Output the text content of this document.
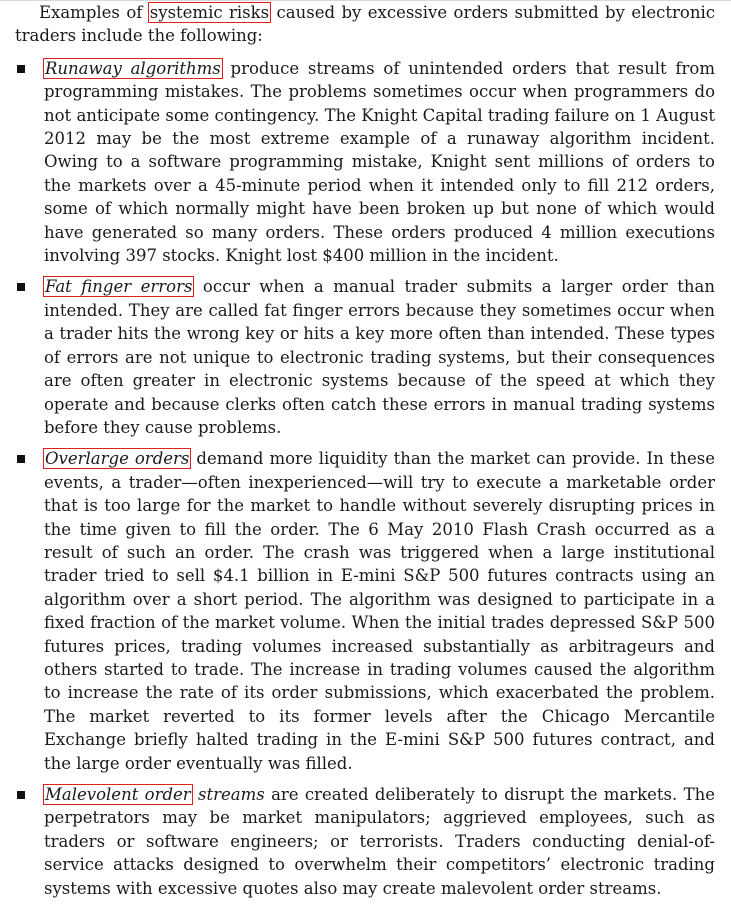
Examples of systemic risks caused by excessive orders submitted by electronic traders include the following:

Runaway algorithms produce streams of unintended orders that result from programming mistakes. The problems sometimes occur when programmers do not anticipate some contingency. The Knight Capital trading failure on 1 August 2012 may be the most extreme example of a runaway algorithm incident. Owing to a software programming mistake, Knight sent millions of orders to the markets over a 45-minute period when it intended only to fill 212 orders, some of which normally might have been broken up but none of which would have generated so many orders. These orders produced 4 million executions involving 397 stocks. Knight lost $400 million in the incident.
Fat finger errors occur when a manual trader submits a larger order than intended. They are called fat finger errors because they sometimes occur when a trader hits the wrong key or hits a key more often than intended. These types of errors are not unique to electronic trading systems, but their consequences are often greater in electronic systems because of the speed at which they operate and because clerks often catch these errors in manual trading systems before they cause problems.
Overlarge orders demand more liquidity than the market can provide. In these events, a trader—often inexperienced—will try to execute a marketable order that is too large for the market to handle without severely disrupting prices in the time given to fill the order. The 6 May 2010 Flash Crash occurred as a result of such an order. The crash was triggered when a large institutional trader tried to sell $4.1 billion in E-mini S&P 500 futures contracts using an algorithm over a short period. The algorithm was designed to participate in a fixed fraction of the market volume. When the initial trades depressed S&P 500 futures prices, trading volumes increased substantially as arbitrageurs and others started to trade. The increase in trading volumes caused the algorithm to increase the rate of its order submissions, which exacerbated the problem. The market reverted to its former levels after the Chicago Mercantile Exchange briefly halted trading in the E-mini S&P 500 futures contract, and the large order eventually was filled.
Malevolent order streams are created deliberately to disrupt the markets. The perpetrators may be market manipulators; aggrieved employees, such as traders or software engineers; or terrorists. Traders conducting denial-of-service attacks designed to overwhelm their competitors’ electronic trading systems with excessive quotes also may create malevolent order streams.
